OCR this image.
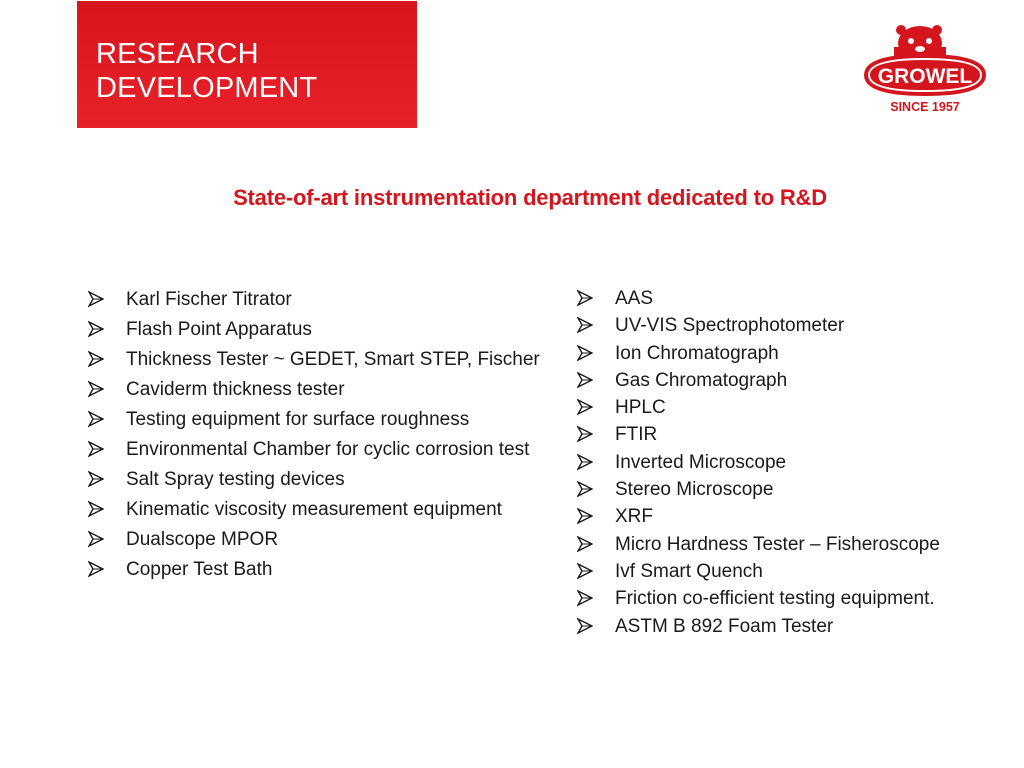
RESEARCH
DEVELOPMENT	GROWEL
SINCE 1957
State-of-art instrumentation department dedicated to R&D
Karl Fischer Titrator
Flash Point Apparatus
Thickness Tester ~ GEDET, Smart STEP, Fischer
Caviderm thickness tester
Testing equipment for surface roughness
Environmental Chamber for cyclic corrosion test
Salt Spray testing devices
Kinematic viscosity measurement equipment
Dualscope MPOR
Copper Test Bath
AAS
UV-VIS Spectrophotometer
Ion Chromatograph
Gas Chromatograph
HPLC
FTIR
Inverted Microscope
Stereo Microscope
XRF
Micro Hardness Tester – Fisheroscope
Ivf Smart Quench
Friction co-efficient testing equipment.
ASTM B 892 Foam Tester
